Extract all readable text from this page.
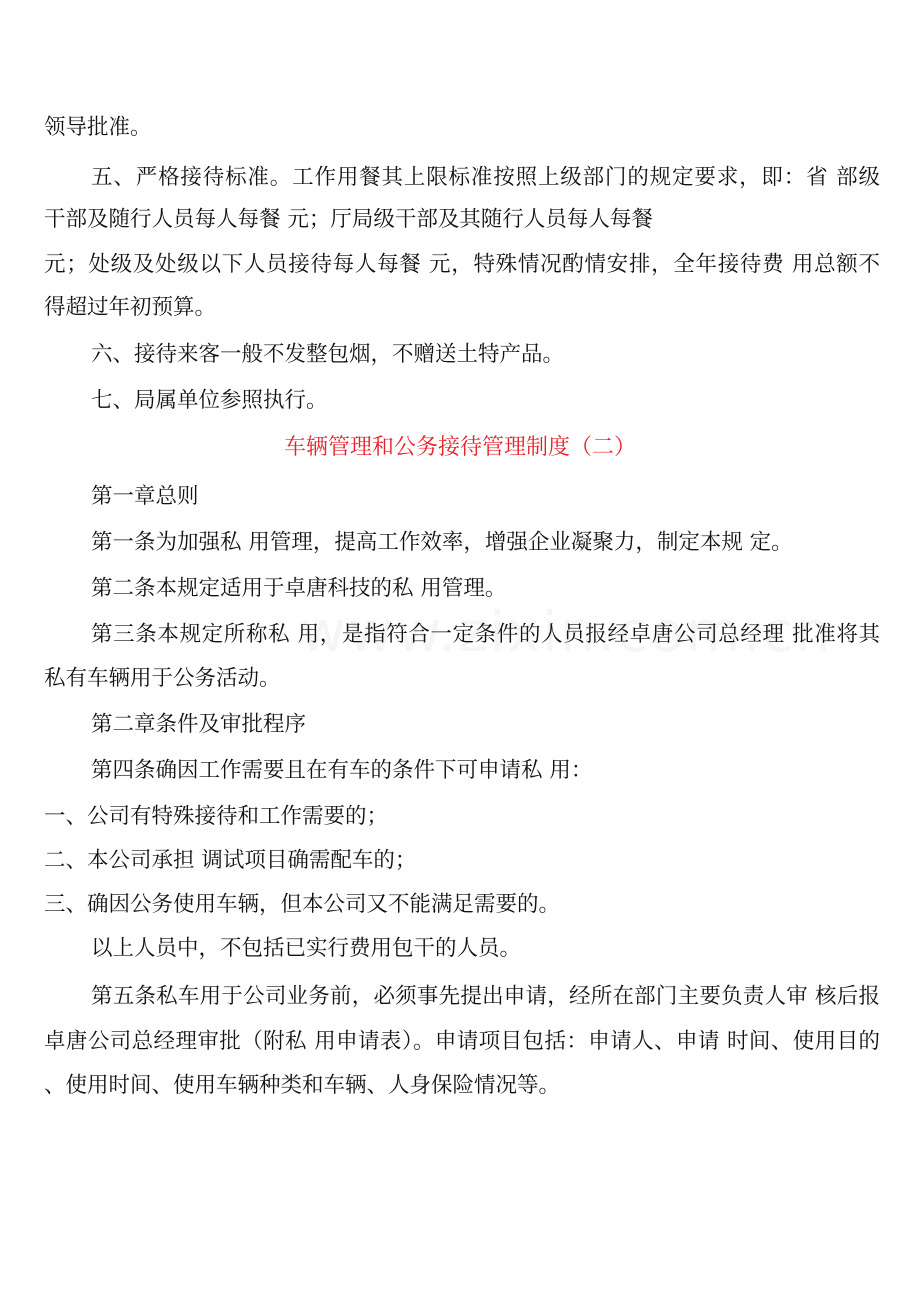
领导批准。
五、严格接待标准。工作用餐其上限标准按照上级部门的规定要求，即：省 部级
干部及随行人员每人每餐 元；厅局级干部及其随行人员每人每餐
元；处级及处级以下人员接待每人每餐 元，特殊情况酌情安排，全年接待费 用总额不
得超过年初预算。
六、接待来客一般不发整包烟，不赠送土特产品。
七、局属单位参照执行。
车辆管理和公务接待管理制度（二）
第一章总则
第一条为加强私 用管理，提高工作效率，增强企业凝聚力，制定本规 定。
第二条本规定适用于卓唐科技的私 用管理。
第三条本规定所称私 用，是指符合一定条件的人员报经卓唐公司总经理 批准将其
私有车辆用于公务活动。
第二章条件及审批程序
第四条确因工作需要且在有车的条件下可申请私 用：
一、公司有特殊接待和工作需要的；
二、本公司承担 调试项目确需配车的；
三、确因公务使用车辆，但本公司又不能满足需要的。
以上人员中，不包括已实行费用包干的人员。
第五条私车用于公司业务前，必须事先提出申请，经所在部门主要负责人审 核后报
卓唐公司总经理审批（附私 用申请表）。申请项目包括：申请人、申请 时间、使用目的
、使用时间、使用车辆种类和车辆、人身保险情况等。
